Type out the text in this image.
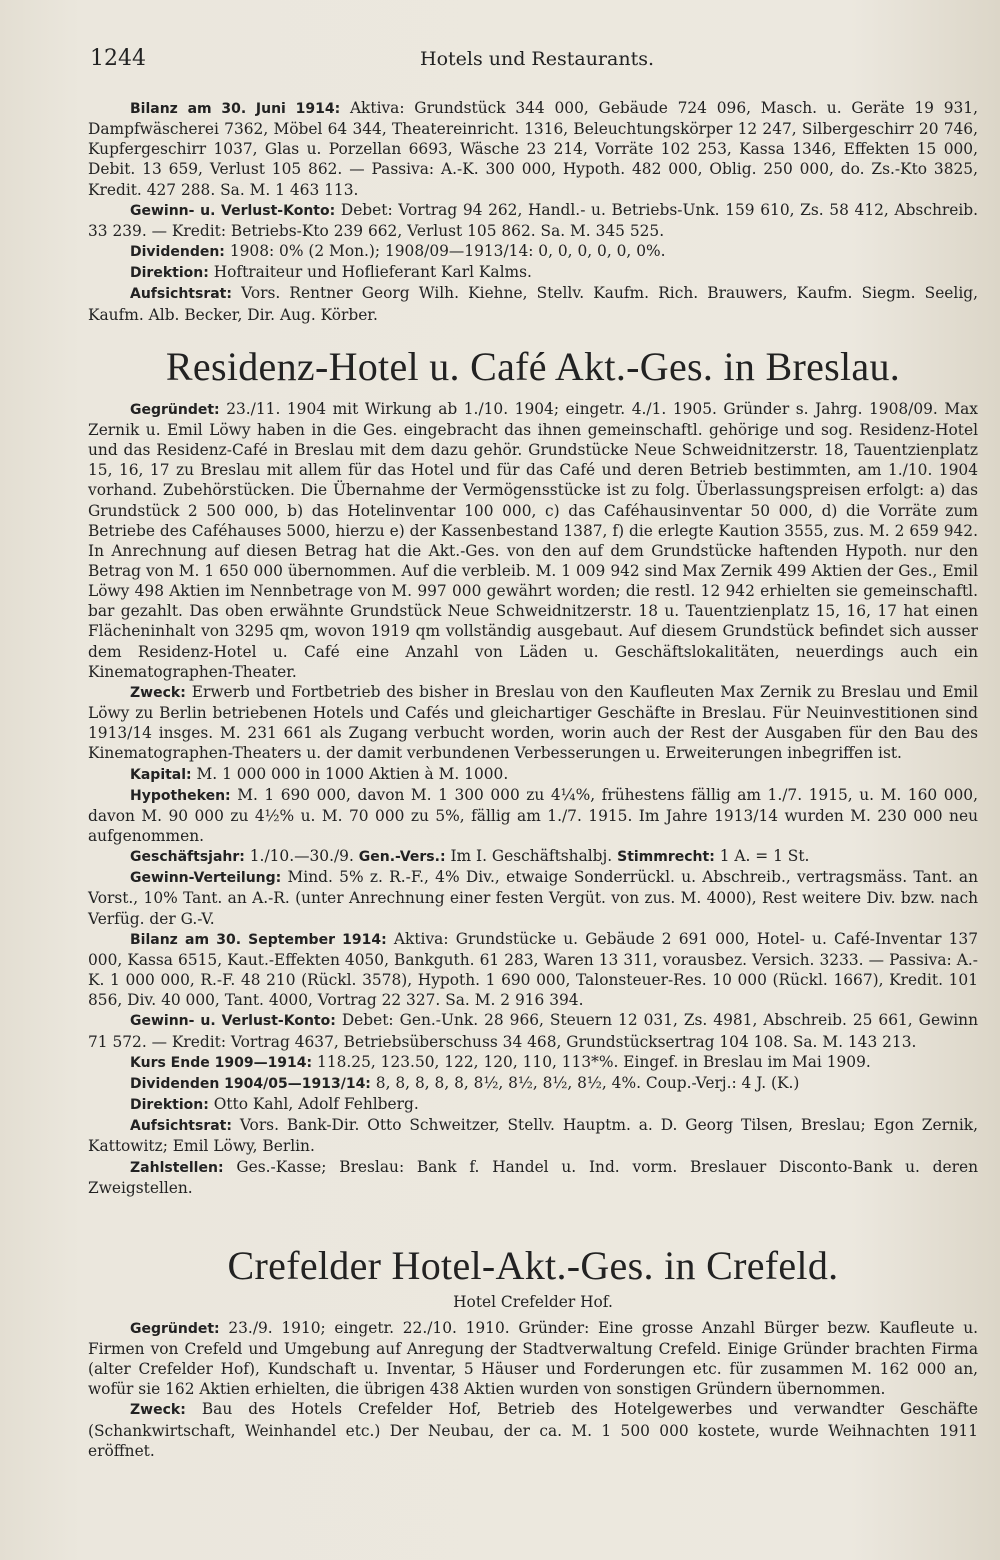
1244	Hotels und Restaurants.

Bilanz am 30. Juni 1914: Aktiva: Grundstück 344 000, Gebäude 724 096, Masch. u. Geräte 19 931, Dampfwäscherei 7362, Möbel 64 344, Theatereinricht. 1316, Beleuchtungskörper 12 247, Silbergeschirr 20 746, Kupfergeschirr 1037, Glas u. Porzellan 6693, Wäsche 23 214, Vorräte 102 253, Kassa 1346, Effekten 15 000, Debit. 13 659, Verlust 105 862. — Passiva: A.-K. 300 000, Hypoth. 482 000, Oblig. 250 000, do. Zs.-Kto 3825, Kredit. 427 288. Sa. M. 1 463 113.

Gewinn- u. Verlust-Konto: Debet: Vortrag 94 262, Handl.- u. Betriebs-Unk. 159 610, Zs. 58 412, Abschreib. 33 239. — Kredit: Betriebs-Kto 239 662, Verlust 105 862. Sa. M. 345 525.

Dividenden: 1908: 0% (2 Mon.); 1908/09—1913/14: 0, 0, 0, 0, 0, 0%.

Direktion: Hoftraiteur und Hoflieferant Karl Kalms.

Aufsichtsrat: Vors. Rentner Georg Wilh. Kiehne, Stellv. Kaufm. Rich. Brauwers, Kaufm. Siegm. Seelig, Kaufm. Alb. Becker, Dir. Aug. Körber.

Residenz-Hotel u. Café Akt.-Ges. in Breslau.

Gegründet: 23./11. 1904 mit Wirkung ab 1./10. 1904; eingetr. 4./1. 1905. Gründer s. Jahrg. 1908/09. Max Zernik u. Emil Löwy haben in die Ges. eingebracht das ihnen gemeinschaftl. gehörige und sog. Residenz-Hotel und das Residenz-Café in Breslau mit dem dazu gehör. Grundstücke Neue Schweidnitzerstr. 18, Tauentzienplatz 15, 16, 17 zu Breslau mit allem für das Hotel und für das Café und deren Betrieb bestimmten, am 1./10. 1904 vorhand. Zubehörstücken. Die Übernahme der Vermögensstücke ist zu folg. Überlassungspreisen erfolgt: a) das Grundstück 2 500 000, b) das Hotelinventar 100 000, c) das Caféhausinventar 50 000, d) die Vorräte zum Betriebe des Caféhauses 5000, hierzu e) der Kassenbestand 1387, f) die erlegte Kaution 3555, zus. M. 2 659 942. In Anrechnung auf diesen Betrag hat die Akt.-Ges. von den auf dem Grundstücke haftenden Hypoth. nur den Betrag von M. 1 650 000 übernommen. Auf die verbleib. M. 1 009 942 sind Max Zernik 499 Aktien der Ges., Emil Löwy 498 Aktien im Nennbetrage von M. 997 000 gewährt worden; die restl. 12 942 erhielten sie gemeinschaftl. bar gezahlt. Das oben erwähnte Grundstück Neue Schweidnitzerstr. 18 u. Tauentzienplatz 15, 16, 17 hat einen Flächeninhalt von 3295 qm, wovon 1919 qm vollständig ausgebaut. Auf diesem Grundstück befindet sich ausser dem Residenz-Hotel u. Café eine Anzahl von Läden u. Geschäftslokalitäten, neuerdings auch ein Kinematographen-Theater.

Zweck: Erwerb und Fortbetrieb des bisher in Breslau von den Kaufleuten Max Zernik zu Breslau und Emil Löwy zu Berlin betriebenen Hotels und Cafés und gleichartiger Geschäfte in Breslau. Für Neuinvestitionen sind 1913/14 insges. M. 231 661 als Zugang verbucht worden, worin auch der Rest der Ausgaben für den Bau des Kinematographen-Theaters u. der damit verbundenen Verbesserungen u. Erweiterungen inbegriffen ist.

Kapital: M. 1 000 000 in 1000 Aktien à M. 1000.

Hypotheken: M. 1 690 000, davon M. 1 300 000 zu 4¼%, frühestens fällig am 1./7. 1915, u. M. 160 000, davon M. 90 000 zu 4½% u. M. 70 000 zu 5%, fällig am 1./7. 1915. Im Jahre 1913/14 wurden M. 230 000 neu aufgenommen.

Geschäftsjahr: 1./10.—30./9. Gen.-Vers.: Im I. Geschäftshalbj. Stimmrecht: 1 A. = 1 St.

Gewinn-Verteilung: Mind. 5% z. R.-F., 4% Div., etwaige Sonderrückl. u. Abschreib., vertragsmäss. Tant. an Vorst., 10% Tant. an A.-R. (unter Anrechnung einer festen Vergüt. von zus. M. 4000), Rest weitere Div. bzw. nach Verfüg. der G.-V.

Bilanz am 30. September 1914: Aktiva: Grundstücke u. Gebäude 2 691 000, Hotel- u. Café-Inventar 137 000, Kassa 6515, Kaut.-Effekten 4050, Bankguth. 61 283, Waren 13 311, vorausbez. Versich. 3233. — Passiva: A.-K. 1 000 000, R.-F. 48 210 (Rückl. 3578), Hypoth. 1 690 000, Talonsteuer-Res. 10 000 (Rückl. 1667), Kredit. 101 856, Div. 40 000, Tant. 4000, Vortrag 22 327. Sa. M. 2 916 394.

Gewinn- u. Verlust-Konto: Debet: Gen.-Unk. 28 966, Steuern 12 031, Zs. 4981, Abschreib. 25 661, Gewinn 71 572. — Kredit: Vortrag 4637, Betriebsüberschuss 34 468, Grundstücksertrag 104 108. Sa. M. 143 213.

Kurs Ende 1909—1914: 118.25, 123.50, 122, 120, 110, 113*%. Eingef. in Breslau im Mai 1909.

Dividenden 1904/05—1913/14: 8, 8, 8, 8, 8, 8½, 8½, 8½, 8½, 4%. Coup.-Verj.: 4 J. (K.)

Direktion: Otto Kahl, Adolf Fehlberg.

Aufsichtsrat: Vors. Bank-Dir. Otto Schweitzer, Stellv. Hauptm. a. D. Georg Tilsen, Breslau; Egon Zernik, Kattowitz; Emil Löwy, Berlin.

Zahlstellen: Ges.-Kasse; Breslau: Bank f. Handel u. Ind. vorm. Breslauer Disconto-Bank u. deren Zweigstellen.

Crefelder Hotel-Akt.-Ges. in Crefeld.
Hotel Crefelder Hof.

Gegründet: 23./9. 1910; eingetr. 22./10. 1910. Gründer: Eine grosse Anzahl Bürger bezw. Kaufleute u. Firmen von Crefeld und Umgebung auf Anregung der Stadtverwaltung Crefeld. Einige Gründer brachten Firma (alter Crefelder Hof), Kundschaft u. Inventar, 5 Häuser und Forderungen etc. für zusammen M. 162 000 an, wofür sie 162 Aktien erhielten, die übrigen 438 Aktien wurden von sonstigen Gründern übernommen.

Zweck: Bau des Hotels Crefelder Hof, Betrieb des Hotelgewerbes und verwandter Geschäfte (Schankwirtschaft, Weinhandel etc.) Der Neubau, der ca. M. 1 500 000 kostete, wurde Weihnachten 1911 eröffnet.
